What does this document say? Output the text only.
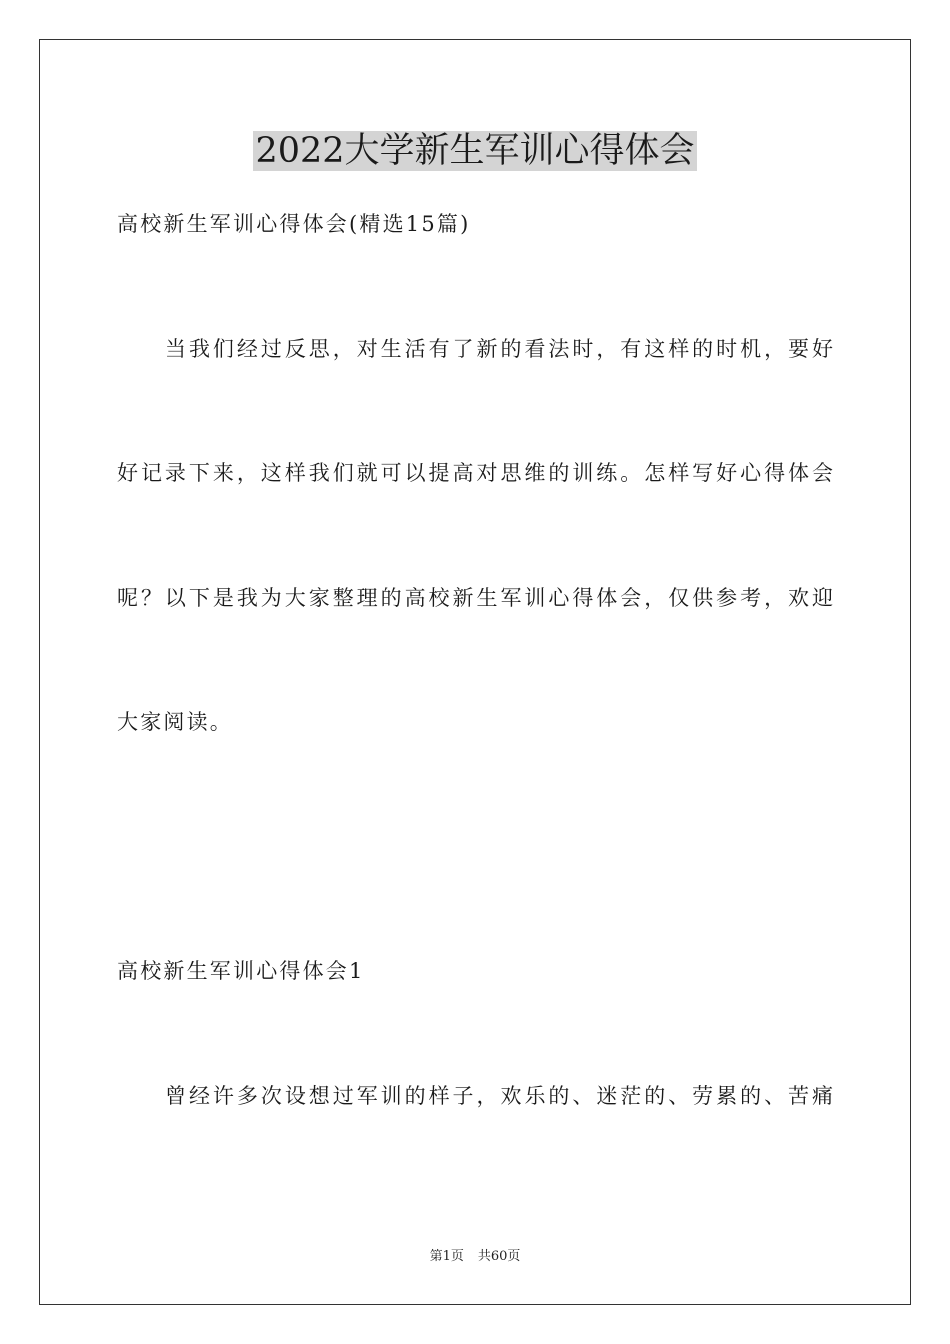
2022大学新生军训心得体会
高校新生军训心得体会(精选15篇)
当我们经过反思，对生活有了新的看法时，有这样的时机，要好
好记录下来，这样我们就可以提高对思维的训练。怎样写好心得体会
呢？以下是我为大家整理的高校新生军训心得体会，仅供参考，欢迎
大家阅读。
高校新生军训心得体会1
曾经许多次设想过军训的样子，欢乐的、迷茫的、劳累的、苦痛
第1页 共60页
